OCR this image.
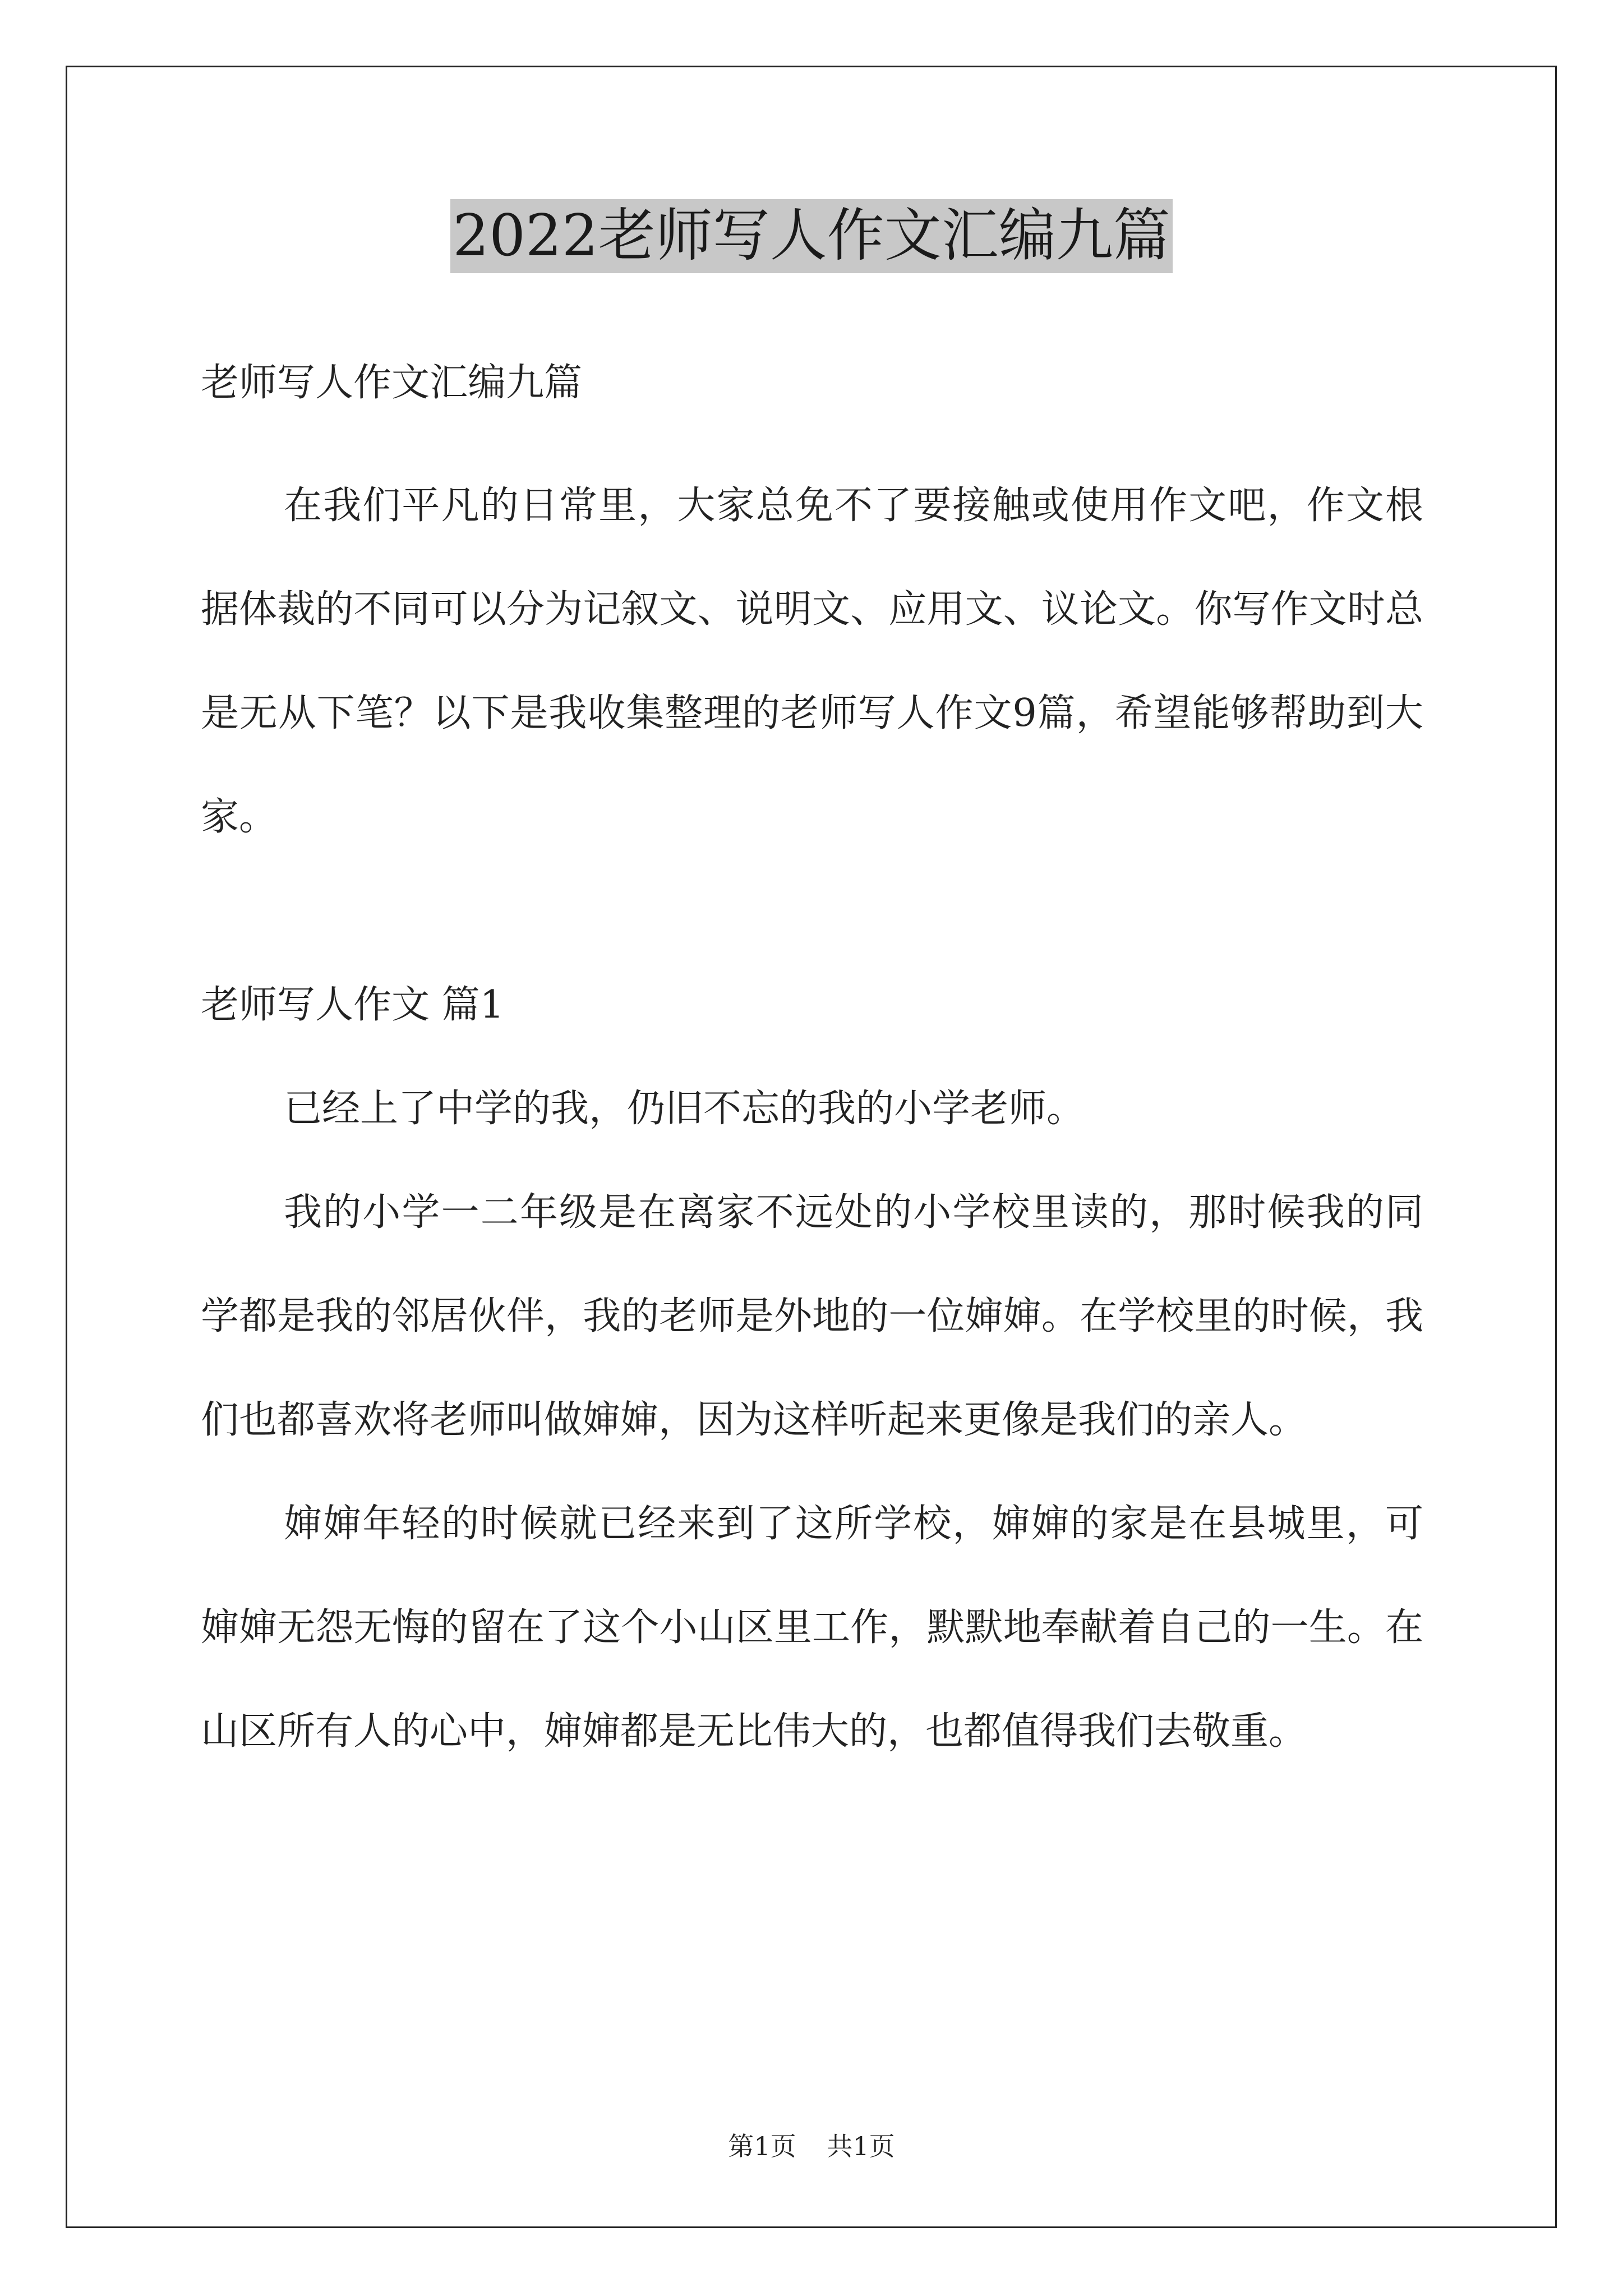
2022老师写人作文汇编九篇

老师写人作文汇编九篇

在我们平凡的日常里，大家总免不了要接触或使用作文吧，作文根据体裁的不同可以分为记叙文、说明文、应用文、议论文。你写作文时总是无从下笔？以下是我收集整理的老师写人作文9篇，希望能够帮助到大家。

老师写人作文 篇1

已经上了中学的我，仍旧不忘的我的小学老师。

我的小学一二年级是在离家不远处的小学校里读的，那时候我的同学都是我的邻居伙伴，我的老师是外地的一位婶婶。在学校里的时候，我们也都喜欢将老师叫做婶婶，因为这样听起来更像是我们的亲人。

婶婶年轻的时候就已经来到了这所学校，婶婶的家是在县城里，可婶婶无怨无悔的留在了这个小山区里工作，默默地奉献着自己的一生。在山区所有人的心中，婶婶都是无比伟大的，也都值得我们去敬重。

第1页 共1页
